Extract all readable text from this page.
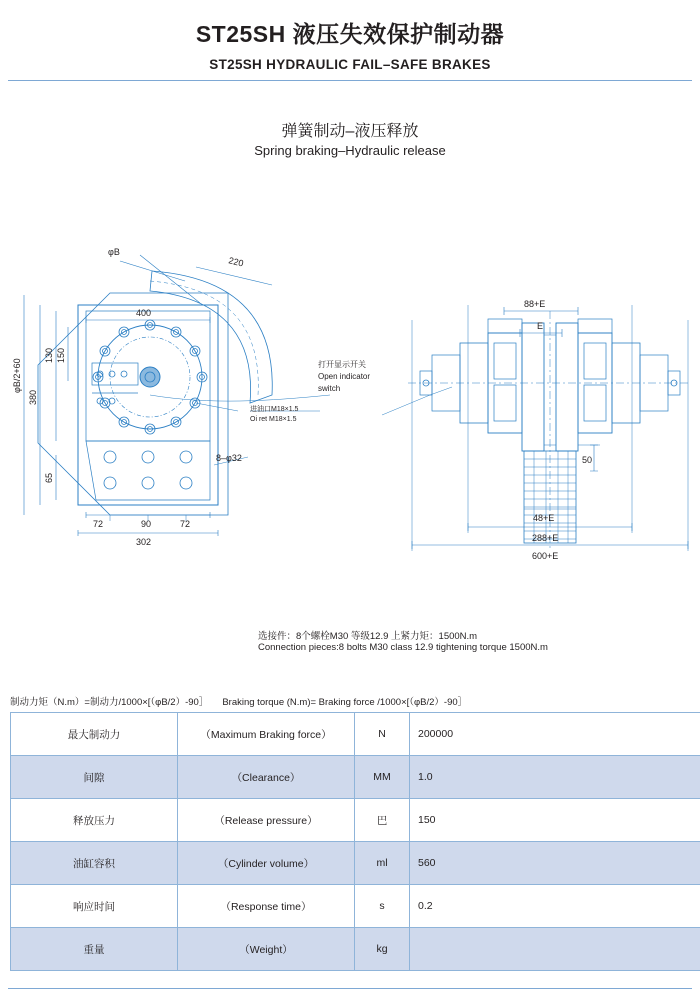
ST25SH 液压失效保护制动器
ST25SH HYDRAULIC FAIL–SAFE BRAKES
弹簧制动–液压释放
Spring braking–Hydraulic release
φB
220
400
φB/2+60
380
130 150
65
72	90	72
302
8–φ32
进油口M18×1.5
Oi ret M18×1.5
打开显示开关
Open indicator
switch
88+E
E
50
48+E
288+E
600+E
选接件：8个螺栓M30 等级12.9 上紧力矩：1500N.m
Connection pieces:8 bolts M30 class 12.9 tightening torque 1500N.m
制动力矩（N.m）=制动力/1000×[（φB/2）-90］ Braking torque (N.m)= Braking force /1000×[（φB/2）-90］
最大制动力	（Maximum Braking force）	N	200000
间隙	（Clearance）	MM	1.0
释放压力	（Release pressure）	巴	150
油缸容积	（Cylinder volume）	ml	560
响应时间	（Response time）	s	0.2
重量	（Weight）	kg	
